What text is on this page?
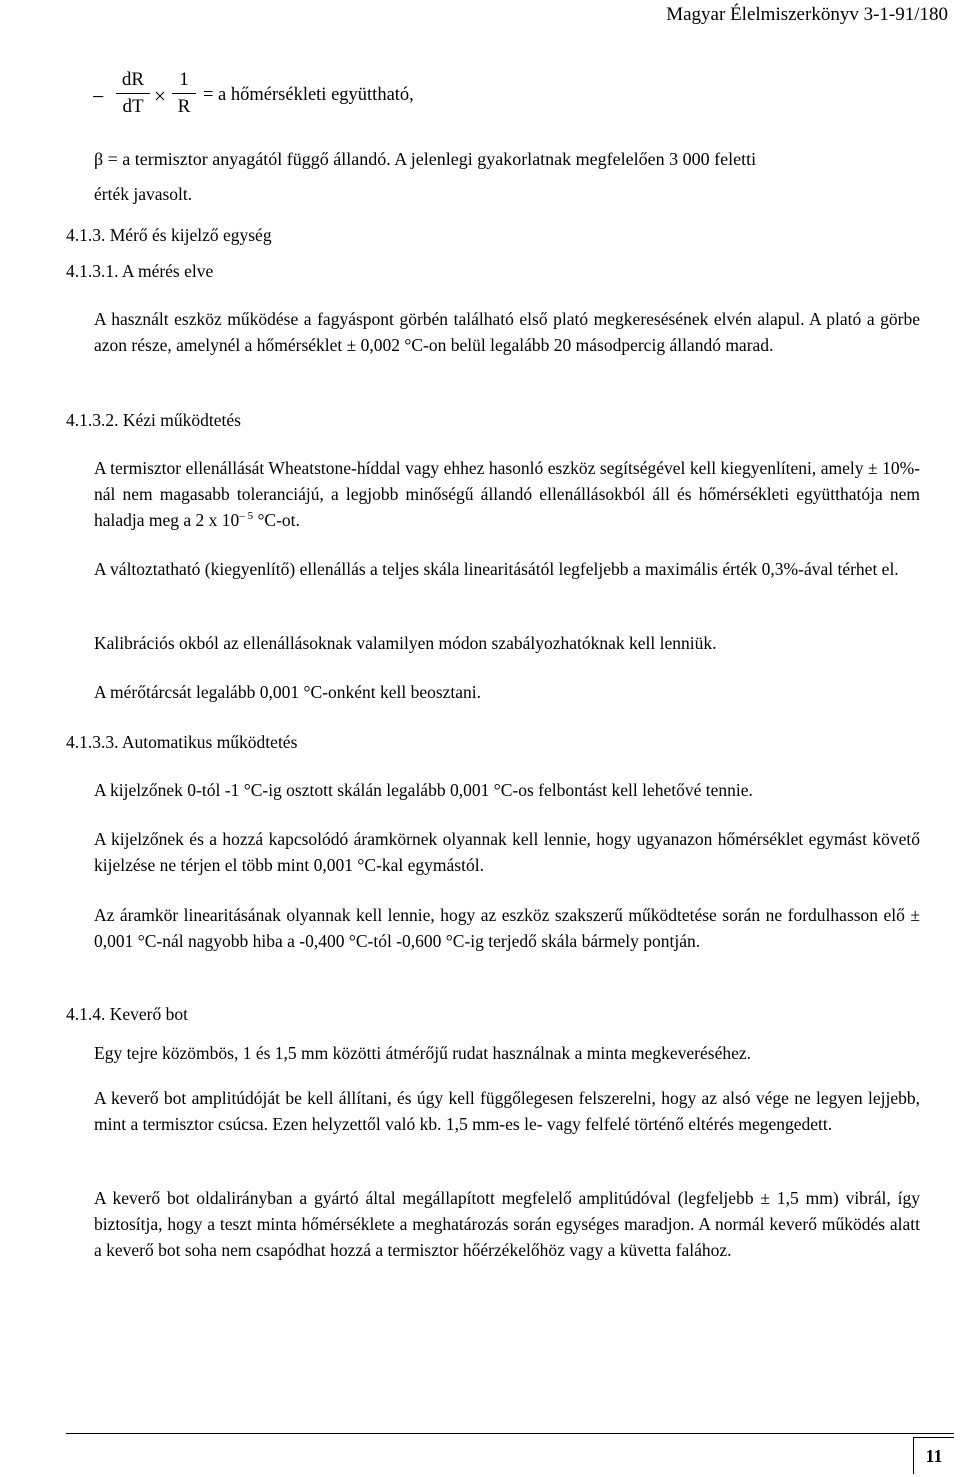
Magyar Élelmiszerkönyv 3-1-91/180
− $\frac{dR}{dT} \times \frac{1}{R} = a$ hőmérsékleti együttható,
β = a termisztor anyagától függő állandó. A jelenlegi gyakorlatnak megfelelően 3 000 feletti
érték javasolt.
4.1.3. Mérő és kijelző egység
4.1.3.1. A mérés elve
A használt eszköz működése a fagyáspont görbén található első plató megkeresésének elvén alapul. A plató a görbe azon része, amelynél a hőmérséklet ± 0,002 °C-on belül legalább 20 másodpercig állandó marad.
4.1.3.2. Kézi működtetés
A termisztor ellenállását Wheatstone-híddal vagy ehhez hasonló eszköz segítségével kell kiegyenlíteni, amely ± 10%-nál nem magasabb toleranciájú, a legjobb minőségű állandó ellenállásokból áll és hőmérsékleti együtthatója nem haladja meg a 2 x $10^{- 5}$ °C-ot.
A változtatható (kiegyenlítő) ellenállás a teljes skála linearitásától legfeljebb a maximális érték 0,3%-ával térhet el.
Kalibrációs okból az ellenállásoknak valamilyen módon szabályozhatóknak kell lenniük.
A mérőtárcsát legalább 0,001 °C-onként kell beosztani.
4.1.3.3. Automatikus működtetés
A kijelzőnek 0-tól -1 °C-ig osztott skálán legalább 0,001 °C-os felbontást kell lehetővé tennie.
A kijelzőnek és a hozzá kapcsolódó áramkörnek olyannak kell lennie, hogy ugyanazon hőmérséklet egymást követő kijelzése ne térjen el több mint 0,001 °C-kal egymástól.
Az áramkör linearitásának olyannak kell lennie, hogy az eszköz szakszerű működtetése során ne fordulhasson elő ± 0,001 °C-nál nagyobb hiba a -0,400 °C-tól -0,600 °C-ig terjedő skála bármely pontján.
4.1.4. Keverő bot
Egy tejre közömbös, 1 és 1,5 mm közötti átmérőjű rudat használnak a minta megkeveréséhez.
A keverő bot amplitúdóját be kell állítani, és úgy kell függőlegesen felszerelni, hogy az alsó vége ne legyen lejjebb, mint a termisztor csúcsa. Ezen helyzettől való kb. 1,5 mm-es le- vagy felfelé történő eltérés megengedett.
A keverő bot oldalirányban a gyártó által megállapított megfelelő amplitúdóval (legfeljebb ± 1,5 mm) vibrál, így biztosítja, hogy a teszt minta hőmérséklete a meghatározás során egységes maradjon. A normál keverő működés alatt a keverő bot soha nem csapódhat hozzá a termisztor hőérzékelőhöz vagy a küvetta falához.
11
